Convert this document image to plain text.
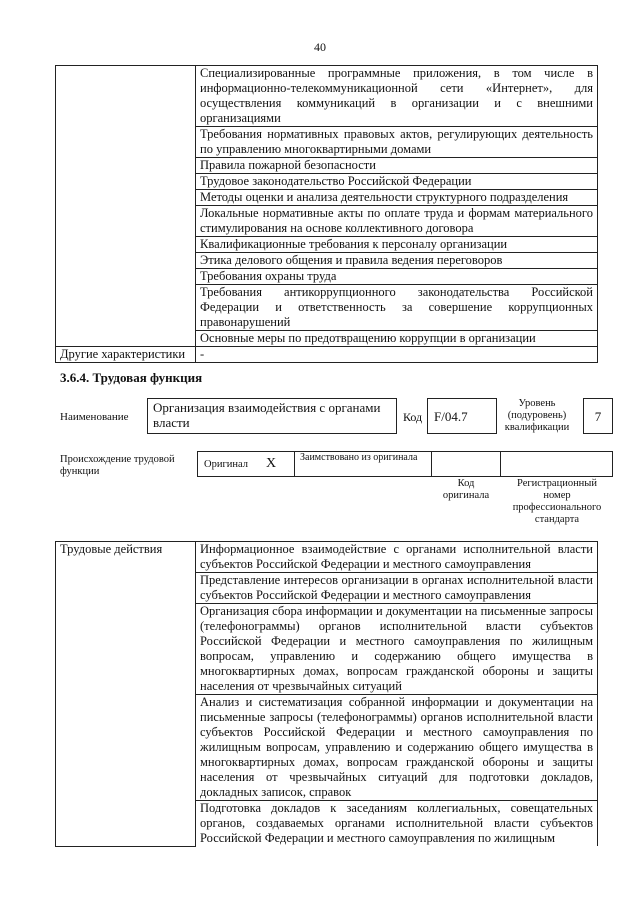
40
	Специализированные программные приложения, в том числе в информационно-телекоммуникационной сети «Интернет», для осуществления коммуникаций в организации и с внешними организациями
	Требования нормативных правовых актов, регулирующих деятельность по управлению многоквартирными домами
	Правила пожарной безопасности
	Трудовое законодательство Российской Федерации
	Методы оценки и анализа деятельности структурного подразделения
	Локальные нормативные акты по оплате труда и формам материального стимулирования на основе коллективного договора
	Квалификационные требования к персоналу организации
	Этика делового общения и правила ведения переговоров
	Требования охраны труда
	Требования антикоррупционного законодательства Российской Федерации и ответственность за совершение коррупционных правонарушений
	Основные меры по предотвращению коррупции в организации
Другие характеристики	-
3.6.4. Трудовая функция
Наименование
Организация взаимодействия с органами власти	Код F/04.7
Уровень (подуровень) квалификации
7
Происхождение трудовой функции
Оригинал X Заимствовано из оригинала
Код оригинала
Регистрационный номер профессионального стандарта
Трудовые действия	Информационное взаимодействие с органами исполнительной власти субъектов Российской Федерации и местного самоуправления
Представление интересов организации в органах исполнительной власти субъектов Российской Федерации и местного самоуправления
Организация сбора информации и документации на письменные запросы (телефонограммы) органов исполнительной власти субъектов Российской Федерации и местного самоуправления по жилищным вопросам, управлению и содержанию общего имущества в многоквартирных домах, вопросам гражданской обороны и защиты населения от чрезвычайных ситуаций
Анализ и систематизация собранной информации и документации на письменные запросы (телефонограммы) органов исполнительной власти субъектов Российской Федерации и местного самоуправления по жилищным вопросам, управлению и содержанию общего имущества в многоквартирных домах, вопросам гражданской обороны и защиты населения от чрезвычайных ситуаций для подготовки докладов, докладных записок, справок
Подготовка докладов к заседаниям коллегиальных, совещательных органов, создаваемых органами исполнительной власти субъектов Российской Федерации и местного самоуправления по жилищным
